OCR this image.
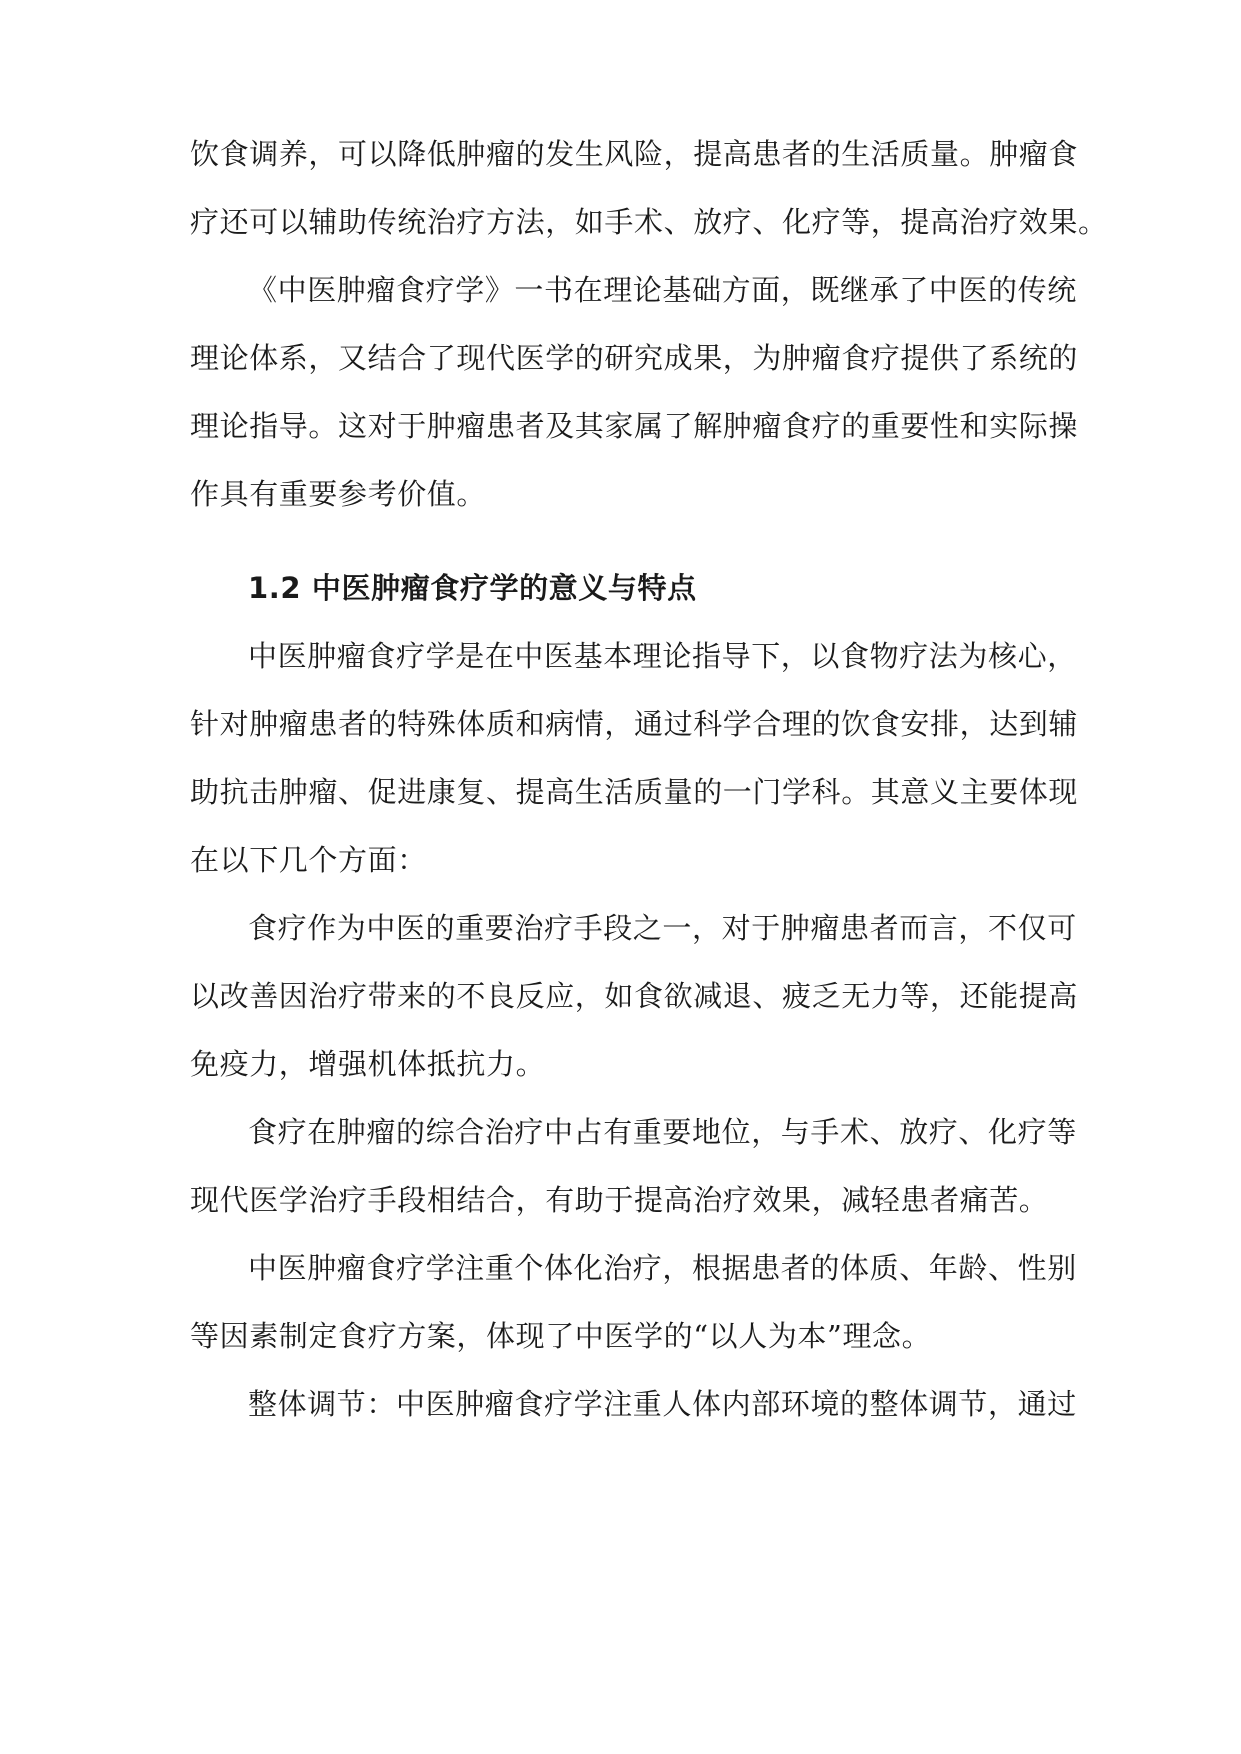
饮食调养，可以降低肿瘤的发生风险，提高患者的生活质量。肿瘤食
疗还可以辅助传统治疗方法，如手术、放疗、化疗等，提高治疗效果。
《中医肿瘤食疗学》一书在理论基础方面，既继承了中医的传统
理论体系，又结合了现代医学的研究成果，为肿瘤食疗提供了系统的
理论指导。这对于肿瘤患者及其家属了解肿瘤食疗的重要性和实际操
作具有重要参考价值。
1.2 中医肿瘤食疗学的意义与特点
中医肿瘤食疗学是在中医基本理论指导下，以食物疗法为核心，
针对肿瘤患者的特殊体质和病情，通过科学合理的饮食安排，达到辅
助抗击肿瘤、促进康复、提高生活质量的一门学科。其意义主要体现
在以下几个方面：
食疗作为中医的重要治疗手段之一，对于肿瘤患者而言，不仅可
以改善因治疗带来的不良反应，如食欲减退、疲乏无力等，还能提高
免疫力，增强机体抵抗力。
食疗在肿瘤的综合治疗中占有重要地位，与手术、放疗、化疗等
现代医学治疗手段相结合，有助于提高治疗效果，减轻患者痛苦。
中医肿瘤食疗学注重个体化治疗，根据患者的体质、年龄、性别
等因素制定食疗方案，体现了中医学的“以人为本”理念。
整体调节：中医肿瘤食疗学注重人体内部环境的整体调节，通过
